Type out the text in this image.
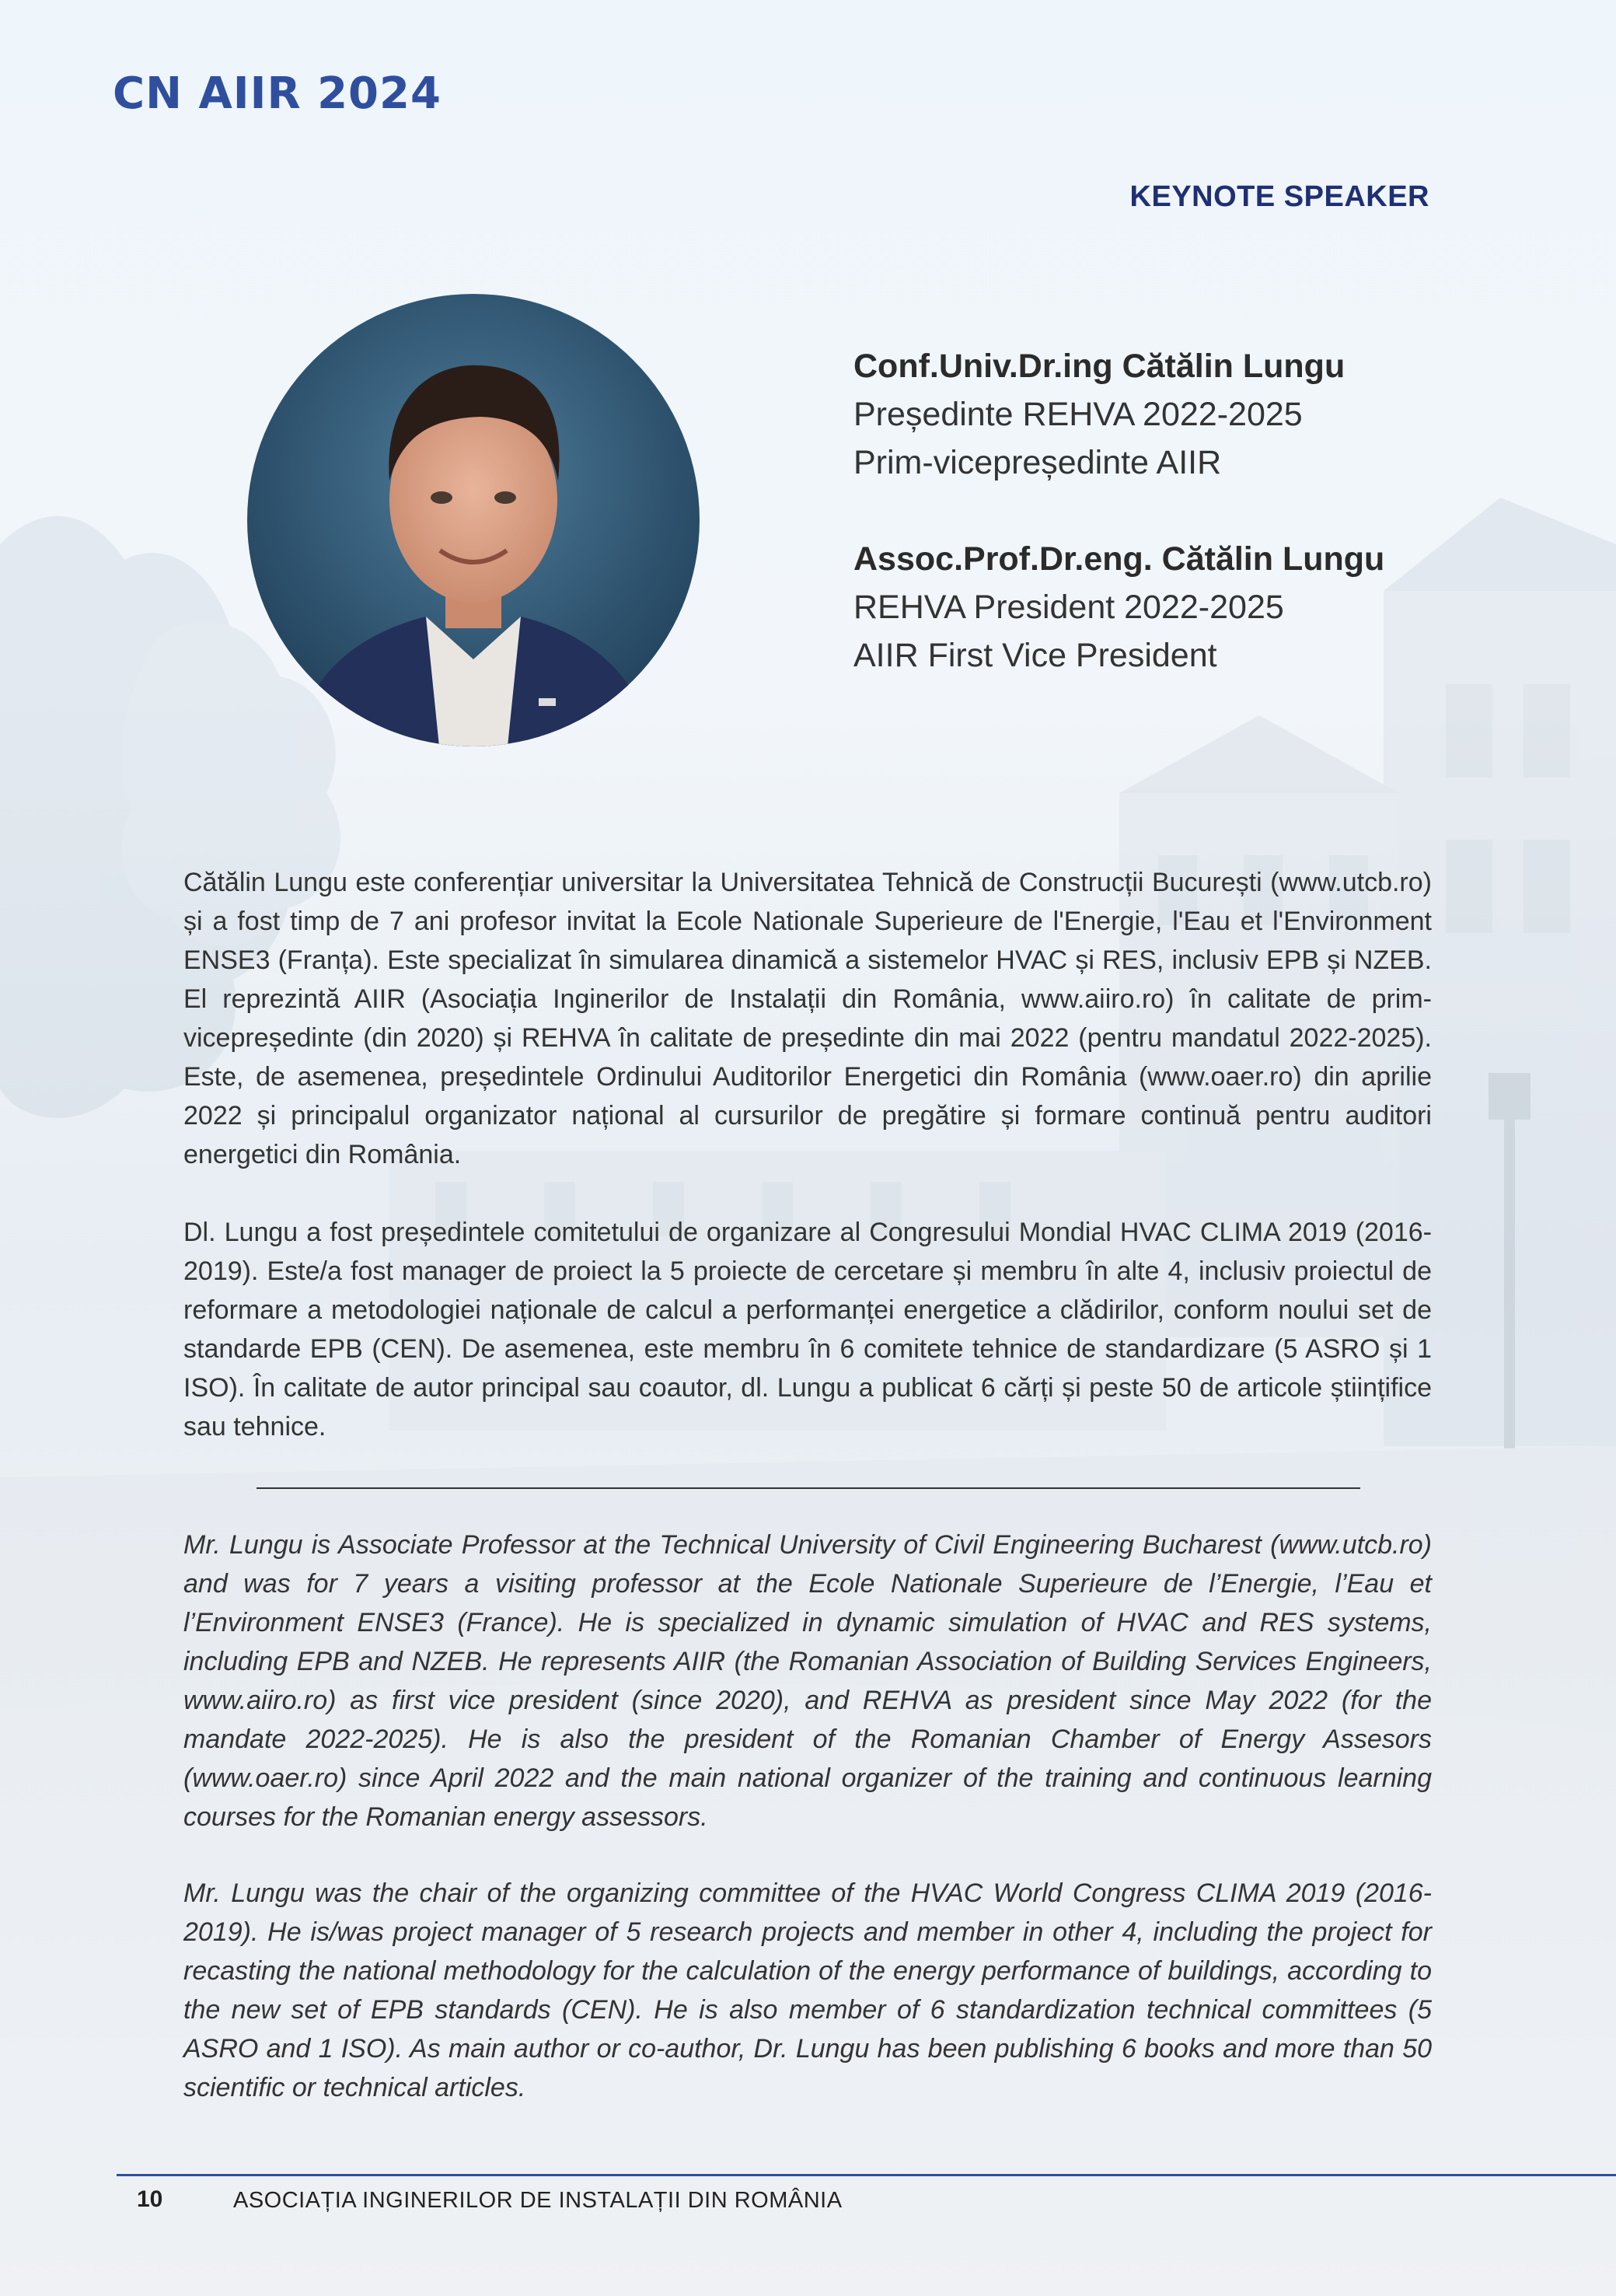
CN AIIR 2024
KEYNOTE SPEAKER
Conf.Univ.Dr.ing Cătălin Lungu
Președinte REHVA 2022-2025
Prim-vicepreședinte AIIR
Assoc.Prof.Dr.eng. Cătălin Lungu
REHVA President 2022-2025
AIIR First Vice President

Cătălin Lungu este conferențiar universitar la Universitatea Tehnică de Construcții București (www.utcb.ro) și a fost timp de 7 ani profesor invitat la Ecole Nationale Superieure de l'Energie, l'Eau et l'Environment ENSE3 (Franța). Este specializat în simularea dinamică a sistemelor HVAC și RES, inclusiv EPB și NZEB. El reprezintă AIIR (Asociația Inginerilor de Instalații din România, www.aiiro.ro) în calitate de prim-vicepreședinte (din 2020) și REHVA în calitate de președinte din mai 2022 (pentru mandatul 2022-2025). Este, de asemenea, președintele Ordinului Auditorilor Energetici din România (www.oaer.ro) din aprilie 2022 și principalul organizator național al cursurilor de pregătire și formare continuă pentru auditori energetici din România.

Dl. Lungu a fost președintele comitetului de organizare al Congresului Mondial HVAC CLIMA 2019 (2016-2019). Este/a fost manager de proiect la 5 proiecte de cercetare și membru în alte 4, inclusiv proiectul de reformare a metodologiei naționale de calcul a performanței energetice a clădirilor, conform noului set de standarde EPB (CEN). De asemenea, este membru în 6 comitete tehnice de standardizare (5 ASRO și 1 ISO). În calitate de autor principal sau coautor, dl. Lungu a publicat 6 cărți și peste 50 de articole științifice sau tehnice.

Mr. Lungu is Associate Professor at the Technical University of Civil Engineering Bucharest (www.utcb.ro) and was for 7 years a visiting professor at the Ecole Nationale Superieure de l’Energie, l’Eau et l’Environment ENSE3 (France). He is specialized in dynamic simulation of HVAC and RES systems, including EPB and NZEB. He represents AIIR (the Romanian Association of Building Services Engineers, www.aiiro.ro) as first vice president (since 2020), and REHVA as president since May 2022 (for the mandate 2022-2025). He is also the president of the Romanian Chamber of Energy Assesors (www.oaer.ro) since April 2022 and the main national organizer of the training and continuous learning courses for the Romanian energy assessors.

Mr. Lungu was the chair of the organizing committee of the HVAC World Congress CLIMA 2019 (2016-2019). He is/was project manager of 5 research projects and member in other 4, including the project for recasting the national methodology for the calculation of the energy performance of buildings, according to the new set of EPB standards (CEN). He is also member of 6 standardization technical committees (5 ASRO and 1 ISO). As main author or co-author, Dr. Lungu has been publishing 6 books and more than 50 scientific or technical articles.

10	ASOCIAȚIA INGINERILOR DE INSTALAȚII DIN ROMÂNIA
